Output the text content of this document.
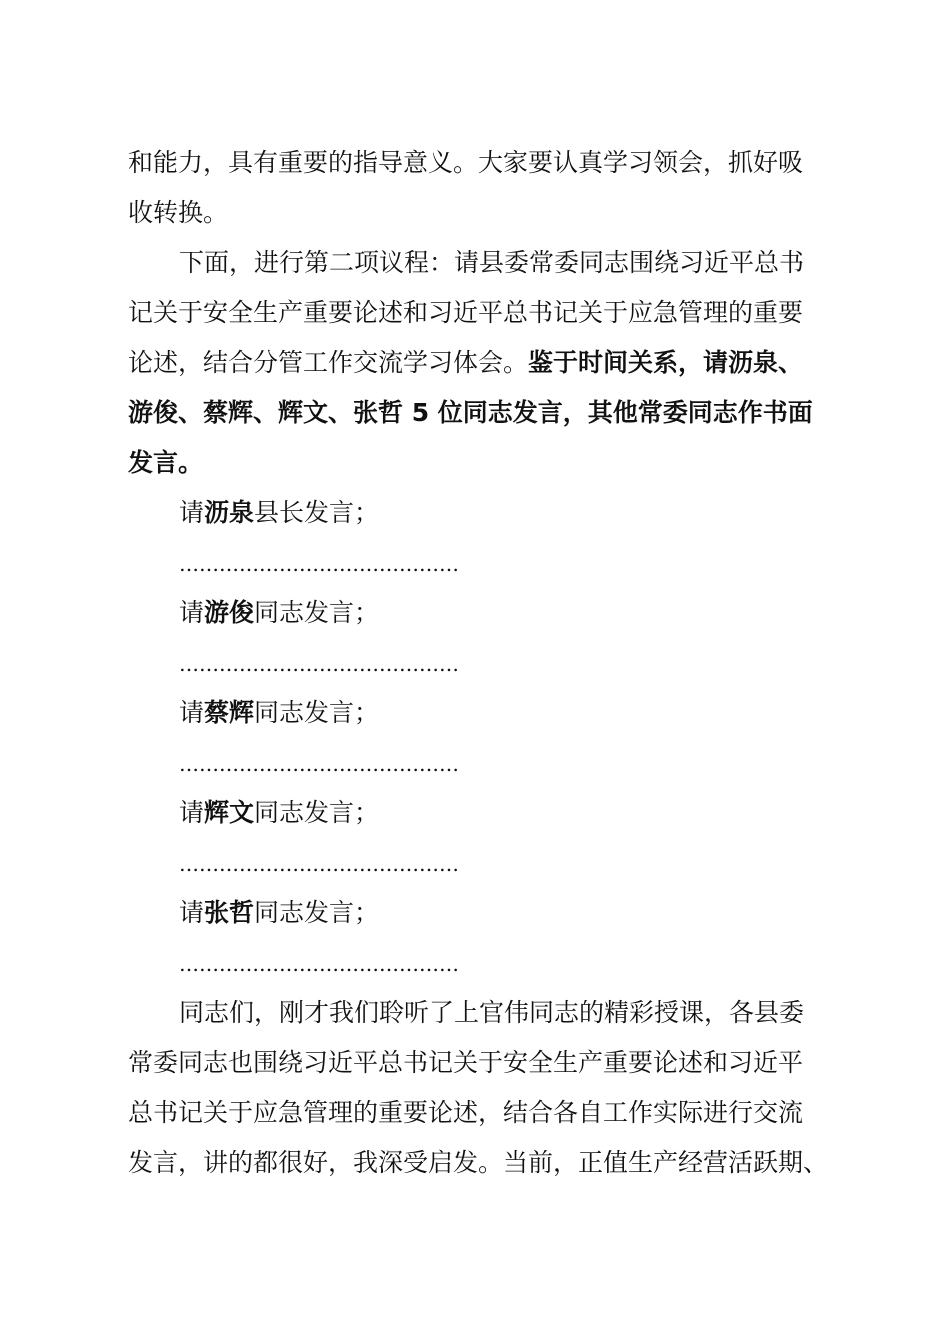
和能力，具有重要的指导意义。大家要认真学习领会，抓好吸
收转换。
下面，进行第二项议程：请县委常委同志围绕习近平总书
记关于安全生产重要论述和习近平总书记关于应急管理的重要
论述，结合分管工作交流学习体会。鉴于时间关系，请沥泉、
游俊、蔡辉、辉文、张哲 5 位同志发言，其他常委同志作书面
发言。
请沥泉县长发言；
……………………………………
请游俊同志发言；
……………………………………
请蔡辉同志发言；
……………………………………
请辉文同志发言；
……………………………………
请张哲同志发言；
……………………………………
同志们，刚才我们聆听了上官伟同志的精彩授课，各县委
常委同志也围绕习近平总书记关于安全生产重要论述和习近平
总书记关于应急管理的重要论述，结合各自工作实际进行交流
发言，讲的都很好，我深受启发。当前，正值生产经营活跃期、
